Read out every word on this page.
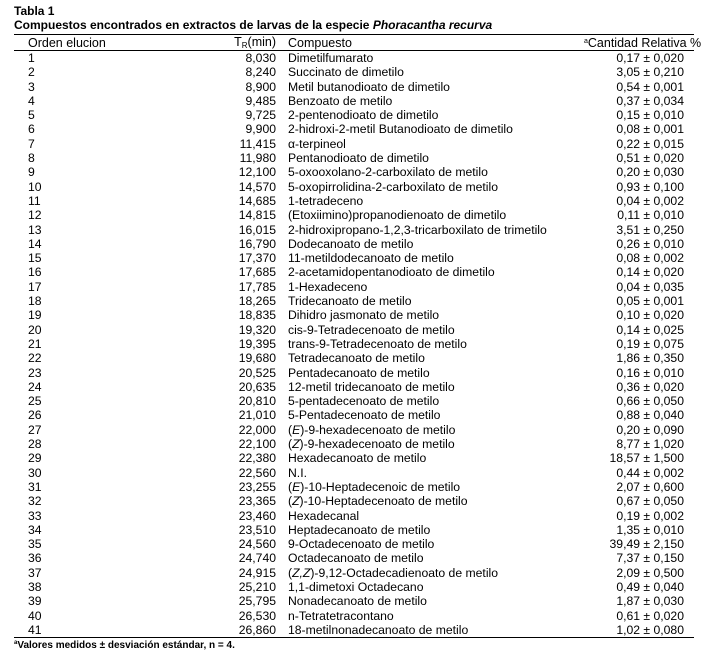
Tabla 1
Compuestos encontrados en extractos de larvas de la especie Phoracantha recurva
Orden elucion	$T_R(\min)$	Compuesto	$^a$Cantidad Relativa %
1	8,030	Dimetilfumarato	0,17 ± 0,020
2	8,240	Succinato de dimetilo	3,05 ± 0,210
3	8,900	Metil butanodioato de dimetilo	0,54 ± 0,001
4	9,485	Benzoato de metilo	0,37 ± 0,034
5	9,725	2-pentenodioato de dimetilo	0,15 ± 0,010
6	9,900	2-hidroxi-2-metil Butanodioato de dimetilo	0,08 ± 0,001
7	11,415	α-terpineol	0,22 ± 0,015
8	11,980	Pentanodioato de dimetilo	0,51 ± 0,020
9	12,100	5-oxooxolano-2-carboxilato de metilo	0,20 ± 0,030
10	14,570	5-oxopirrolidina-2-carboxilato de metilo	0,93 ± 0,100
11	14,685	1-tetradeceno	0,04 ± 0,002
12	14,815	(Etoxiimino)propanodienoato de dimetilo	0,11 ± 0,010
13	16,015	2-hidroxipropano-1,2,3-tricarboxilato de trimetilo	3,51 ± 0,250
14	16,790	Dodecanoato de metilo	0,26 ± 0,010
15	17,370	11-metildodecanoato de metilo	0,08 ± 0,002
16	17,685	2-acetamidopentanodioato de dimetilo	0,14 ± 0,020
17	17,785	1-Hexadeceno	0,04 ± 0,035
18	18,265	Tridecanoato de metilo	0,05 ± 0,001
19	18,835	Dihidro jasmonato de metilo	0,10 ± 0,020
20	19,320	cis-9-Tetradecenoato de metilo	0,14 ± 0,025
21	19,395	trans-9-Tetradecenoato de metilo	0,19 ± 0,075
22	19,680	Tetradecanoato de metilo	1,86 ± 0,350
23	20,525	Pentadecanoato de metilo	0,16 ± 0,010
24	20,635	12-metil tridecanoato de metilo	0,36 ± 0,020
25	20,810	5-pentadecenoato de metilo	0,66 ± 0,050
26	21,010	5-Pentadecenoato de metilo	0,88 ± 0,040
27	22,000	(E)-9-hexadecenoato de metilo	0,20 ± 0,090
28	22,100	(Z)-9-hexadecenoato de metilo	8,77 ± 1,020
29	22,380	Hexadecanoato de metilo	18,57 ± 1,500
30	22,560	N.I.	0,44 ± 0,002
31	23,255	(E)-10-Heptadecenoic de metilo	2,07 ± 0,600
32	23,365	(Z)-10-Heptadecenoato de metilo	0,67 ± 0,050
33	23,460	Hexadecanal	0,19 ± 0,002
34	23,510	Heptadecanoato de metilo	1,35 ± 0,010
35	24,560	9-Octadecenoato de metilo	39,49 ± 2,150
36	24,740	Octadecanoato de metilo	7,37 ± 0,150
37	24,915	(Z,Z)-9,12-Octadecadienoato de metilo	2,09 ± 0,500
38	25,210	1,1-dimetoxi Octadecano	0,49 ± 0,040
39	25,795	Nonadecanoato de metilo	1,87 ± 0,030
40	26,530	n-Tetratetracontano	0,61 ± 0,020
41	26,860	18-metilnonadecanoato de metilo	1,02 ± 0,080
$^a$Valores medidos ± desviación estándar, n = 4.
